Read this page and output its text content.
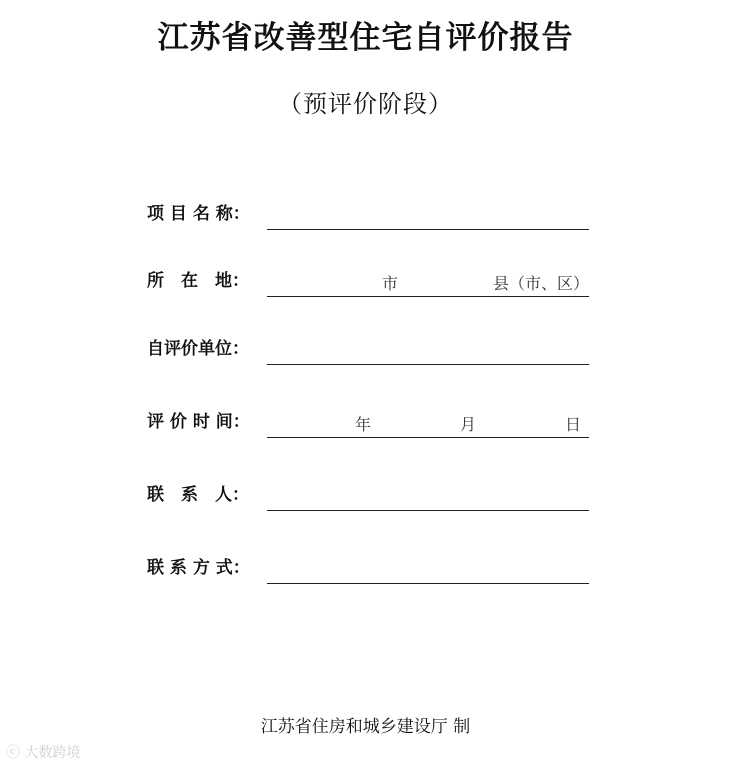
江苏省改善型住宅自评价报告
（预评价阶段）
项 目 名 称：
所　在　地：	市	县（市、区）
自评价单位：
评 价 时 间：	年	月	日
联　系　人：
联 系 方 式：
江苏省住房和城乡建设厅 制
ⓒ 大数跨境
